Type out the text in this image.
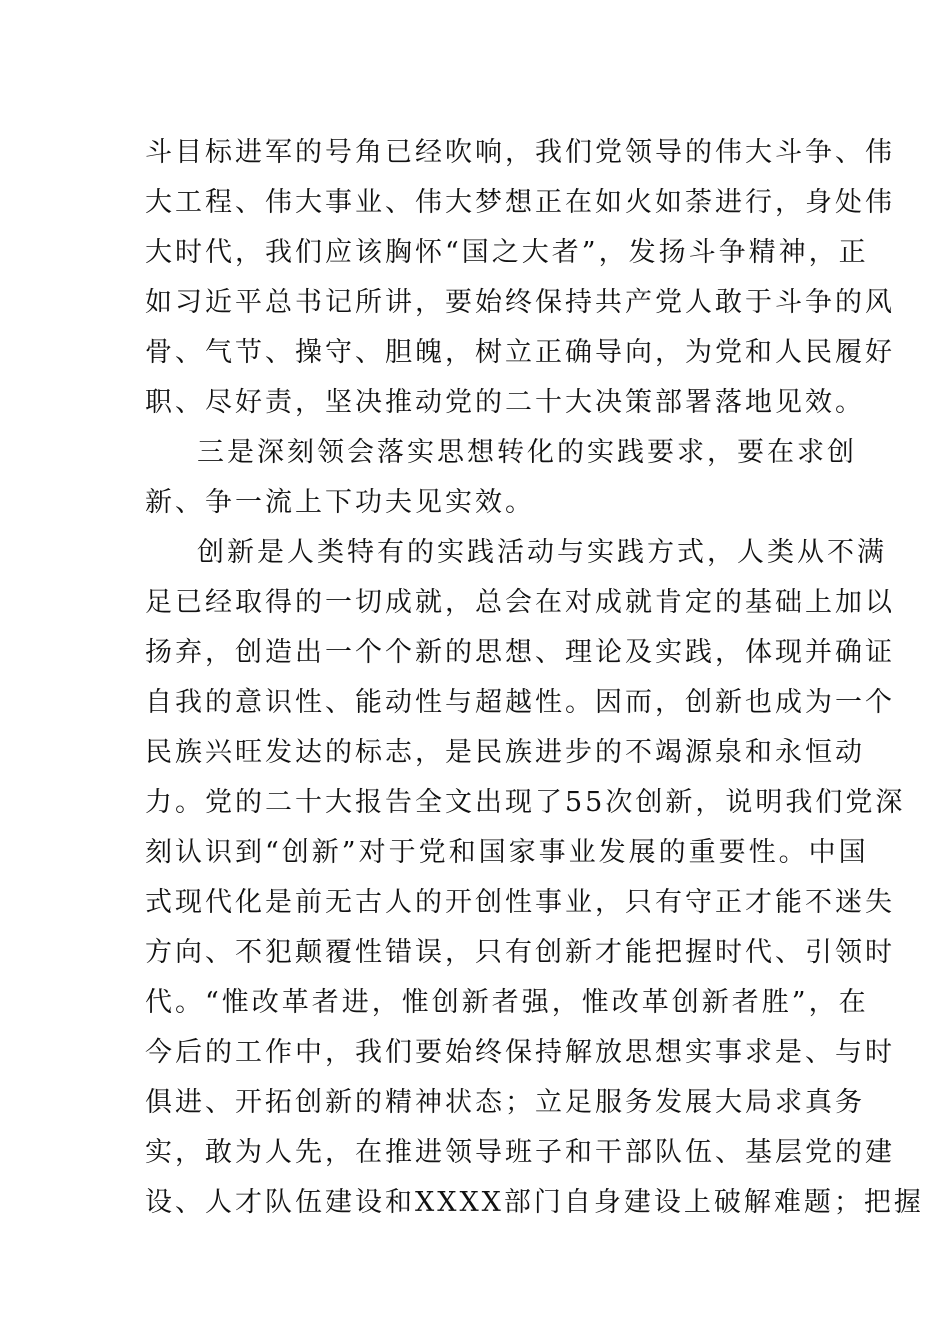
斗目标进军的号角已经吹响，我们党领导的伟大斗争、伟
大工程、伟大事业、伟大梦想正在如火如荼进行，身处伟
大时代，我们应该胸怀“国之大者”，发扬斗争精神，正
如习近平总书记所讲，要始终保持共产党人敢于斗争的风
骨、气节、操守、胆魄，树立正确导向，为党和人民履好
职、尽好责，坚决推动党的二十大决策部署落地见效。
三是深刻领会落实思想转化的实践要求，要在求创
新、争一流上下功夫见实效。
创新是人类特有的实践活动与实践方式，人类从不满
足已经取得的一切成就，总会在对成就肯定的基础上加以
扬弃，创造出一个个新的思想、理论及实践，体现并确证
自我的意识性、能动性与超越性。因而，创新也成为一个
民族兴旺发达的标志，是民族进步的不竭源泉和永恒动
力。党的二十大报告全文出现了55次创新，说明我们党深
刻认识到“创新”对于党和国家事业发展的重要性。中国
式现代化是前无古人的开创性事业，只有守正才能不迷失
方向、不犯颠覆性错误，只有创新才能把握时代、引领时
代。“惟改革者进，惟创新者强，惟改革创新者胜”，在
今后的工作中，我们要始终保持解放思想实事求是、与时
俱进、开拓创新的精神状态；立足服务发展大局求真务
实，敢为人先，在推进领导班子和干部队伍、基层党的建
设、人才队伍建设和XXXX部门自身建设上破解难题；把握
